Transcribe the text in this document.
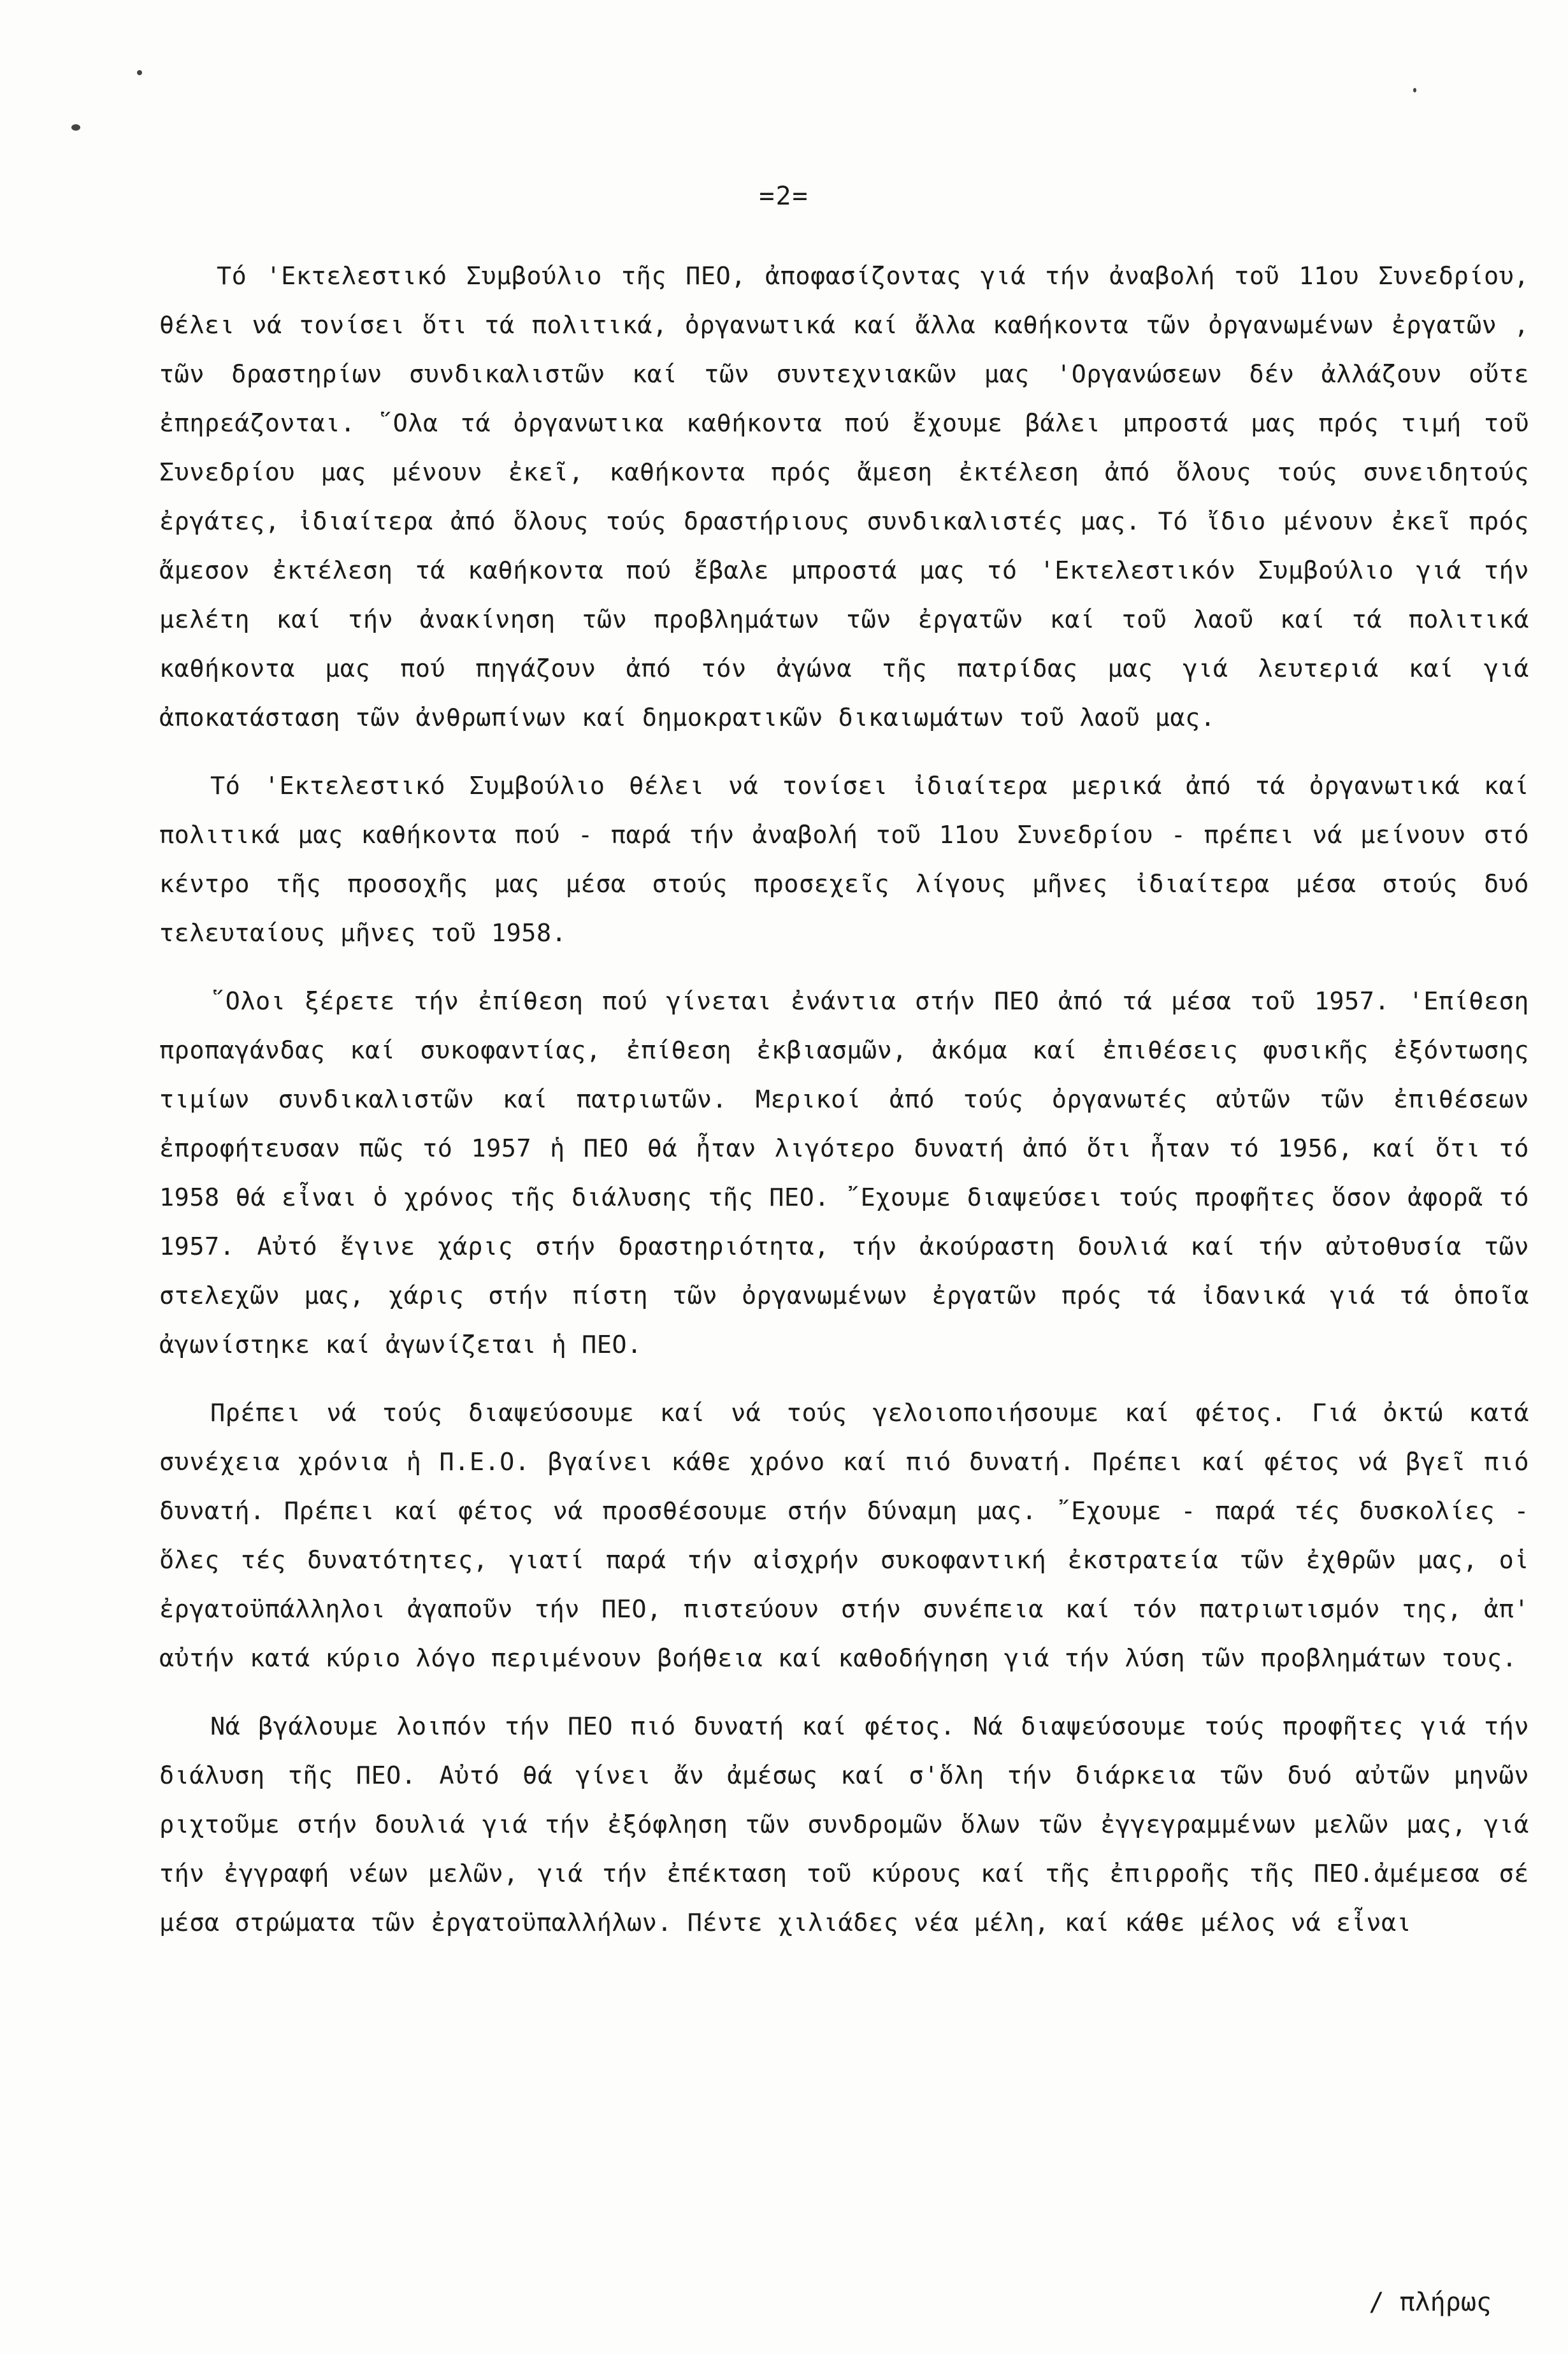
=2=

Τό 'Εκτελεστικό Συμβούλιο τῆς ΠΕΟ, ἀποφασίζοντας γιά τήν ἀναβολή τοῦ 11ου Συνεδρίου, θέλει νά τονίσει ὅτι τά πολιτικά, ὀργανωτικά καί ἄλλα καθήκοντα τῶν ὀργανωμένων ἐργατῶν , τῶν δραστηρίων συνδικαλιστῶν καί τῶν συντεχνιακῶν μας 'Οργανώσεων δέν ἀλλάζουν οὔτε ἐπηρεάζονται. ῞Ολα τά ὀργανωτικα καθήκοντα πού ἔχουμε βάλει μπροστά μας πρός τιμή τοῦ Συνεδρίου μας μένουν ἐκεῖ, καθήκοντα πρός ἄμεση ἐκτέλεση ἀπό ὅλους τούς συνειδητούς ἐργάτες, ἰδιαίτερα ἀπό ὅλους τούς δραστήριους συνδικαλιστές μας. Τό ἴδιο μένουν ἐκεῖ πρός ἄμεσον ἐκτέλεση τά καθήκοντα πού ἔβαλε μπροστά μας τό 'Εκτελεστικόν Συμβούλιο γιά τήν μελέτη καί τήν ἀνακίνηση τῶν προβλημάτων τῶν ἐργατῶν καί τοῦ λαοῦ καί τά πολιτικά καθήκοντα μας πού πηγάζουν ἀπό τόν ἀγώνα τῆς πατρίδας μας γιά λευτεριά καί γιά ἀποκατάσταση τῶν ἀνθρωπίνων καί δημοκρατικῶν δικαιωμάτων τοῦ λαοῦ μας.

Τό 'Εκτελεστικό Συμβούλιο θέλει νά τονίσει ἰδιαίτερα μερικά ἀπό τά ὀργανωτικά καί πολιτικά μας καθήκοντα πού - παρά τήν ἀναβολή τοῦ 11ου Συνεδρίου - πρέπει νά μείνουν στό κέντρο τῆς προσοχῆς μας μέσα στούς προσεχεῖς λίγους μῆνες ἰδιαίτερα μέσα στούς δυό τελευταίους μῆνες τοῦ 1958.

῞Ολοι ξέρετε τήν ἐπίθεση πού γίνεται ἐνάντια στήν ΠΕΟ ἀπό τά μέσα τοῦ 1957. 'Επίθεση προπαγάνδας καί συκοφαντίας, ἐπίθεση ἐκβιασμῶν, ἀκόμα καί ἐπιθέσεις φυσικῆς ἐξόντωσης τιμίων συνδικαλιστῶν καί πατριωτῶν. Μερικοί ἀπό τούς ὀργανωτές αὐτῶν τῶν ἐπιθέσεων ἐπροφήτευσαν πῶς τό 1957 ἡ ΠΕΟ θά ἦταν λιγότερο δυνατή ἀπό ὅτι ἦταν τό 1956, καί ὅτι τό 1958 θά εἶναι ὁ χρόνος τῆς διάλυσης τῆς ΠΕΟ. ῎Εχουμε διαψεύσει τούς προφῆτες ὅσον ἀφορᾶ τό 1957. Αὐτό ἔγινε χάρις στήν δραστηριότητα, τήν ἀκούραστη δουλιά καί τήν αὐτοθυσία τῶν στελεχῶν μας, χάρις στήν πίστη τῶν ὀργανωμένων ἐργατῶν πρός τά ἰδανικά γιά τά ὁποῖα ἀγωνίστηκε καί ἀγωνίζεται ἡ ΠΕΟ.

Πρέπει νά τούς διαψεύσουμε καί νά τούς γελοιοποιήσουμε καί φέτος. Γιά ὀκτώ κατά συνέχεια χρόνια ἡ Π.Ε.Ο. βγαίνει κάθε χρόνο καί πιό δυνατή. Πρέπει καί φέτος νά βγεῖ πιό δυνατή. Πρέπει καί φέτος νά προσθέσουμε στήν δύναμη μας. ῎Εχουμε - παρά τές δυσκολίες - ὅλες τές δυνατότητες, γιατί παρά τήν αἰσχρήν συκοφαντική ἐκστρατεία τῶν ἐχθρῶν μας, οἱ ἐργατοϋπάλληλοι ἀγαποῦν τήν ΠΕΟ, πιστεύουν στήν συνέπεια καί τόν πατριωτισμόν της, ἀπ' αὐτήν κατά κύριο λόγο περιμένουν βοήθεια καί καθοδήγηση γιά τήν λύση τῶν προβλημάτων τους.

Νά βγάλουμε λοιπόν τήν ΠΕΟ πιό δυνατή καί φέτος. Νά διαψεύσουμε τούς προφῆτες γιά τήν διάλυση τῆς ΠΕΟ. Αὐτό θά γίνει ἄν ἀμέσως καί σ'ὅλη τήν διάρκεια τῶν δυό αὐτῶν μηνῶν ριχτοῦμε στήν δουλιά γιά τήν ἐξόφληση τῶν συνδρομῶν ὅλων τῶν ἐγγεγραμμένων μελῶν μας, γιά τήν ἐγγραφή νέων μελῶν, γιά τήν ἐπέκταση τοῦ κύρους καί τῆς ἐπιρροῆς τῆς ΠΕΟ.ἀμέμεσα σέ μέσα στρώματα τῶν ἐργατοϋπαλλήλων. Πέντε χιλιάδες νέα μέλη, καί κάθε μέλος νά εἶναι

/ πλήρως
